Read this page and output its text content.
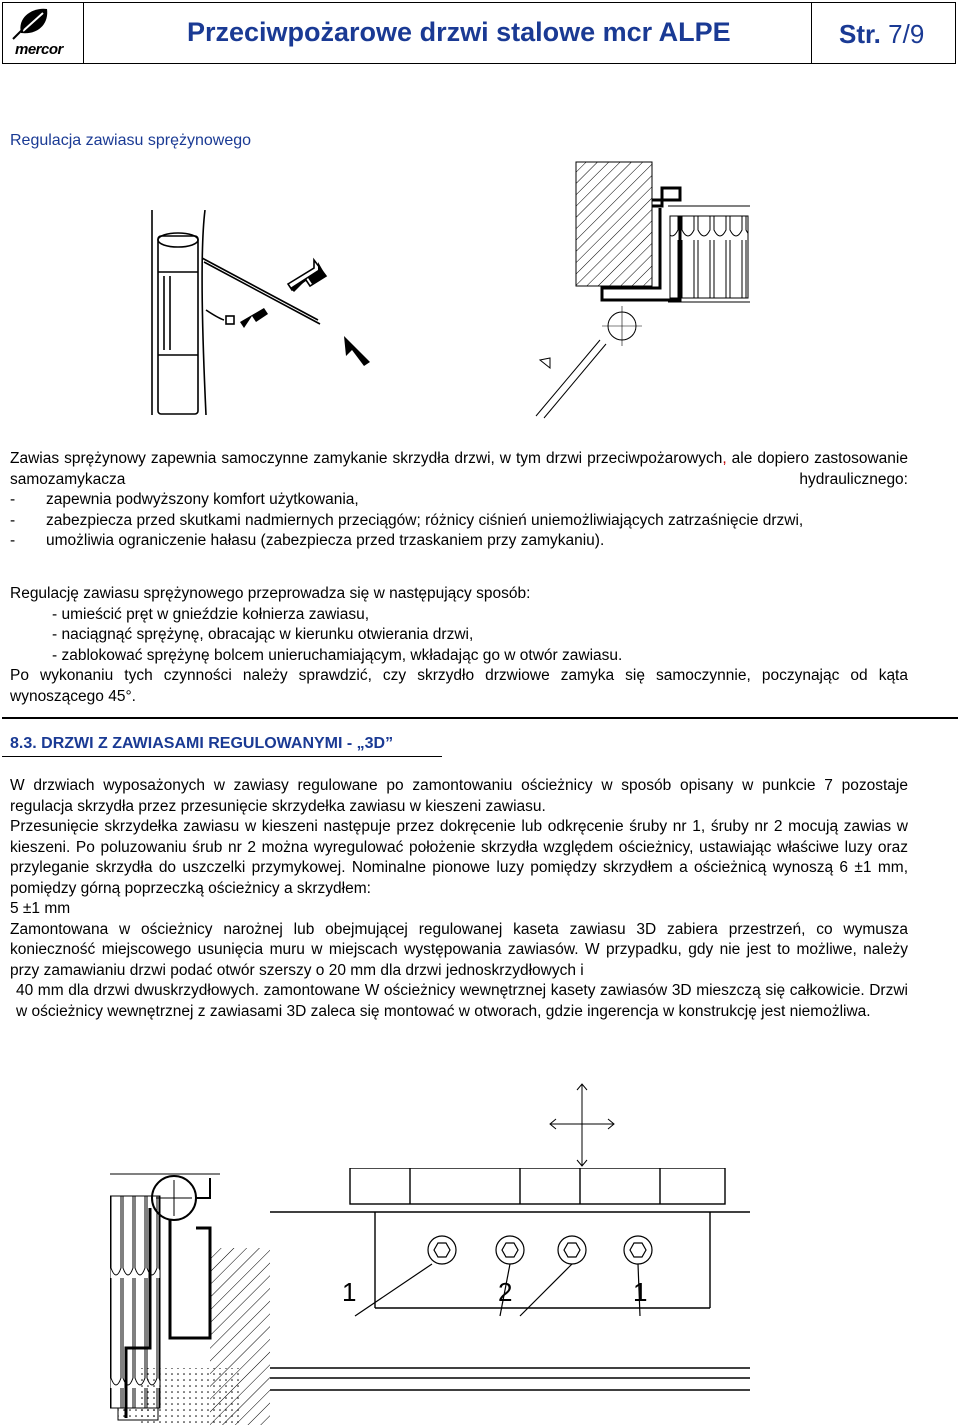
mercor
Przeciwpożarowe drzwi stalowe mcr ALPE	Str. 7/9
Regulacja zawiasu sprężynowego
Zawias sprężynowy zapewnia samoczynne zamykanie skrzydła drzwi, w tym drzwi przeciwpożarowych, ale dopiero zastosowanie samozamykacza hydraulicznego:
- zapewnia podwyższony komfort użytkowania,
- zabezpiecza przed skutkami nadmiernych przeciągów; różnicy ciśnień uniemożliwiających zatrzaśnięcie drzwi,
- umożliwia ograniczenie hałasu (zabezpiecza przed trzaskaniem przy zamykaniu).
Regulację zawiasu sprężynowego przeprowadza się w następujący sposób:
- umieścić pręt w gnieździe kołnierza zawiasu,
- naciągnąć sprężynę, obracając w kierunku otwierania drzwi,
- zablokować sprężynę bolcem unieruchamiającym, wkładając go w otwór zawiasu.
Po wykonaniu tych czynności należy sprawdzić, czy skrzydło drzwiowe zamyka się samoczynnie, poczynając od kąta wynoszącego 45°.
8.3. DRZWI Z ZAWIASAMI REGULOWANYMI - „3D”
W drzwiach wyposażonych w zawiasy regulowane po zamontowaniu ościeżnicy w sposób opisany w punkcie 7 pozostaje regulacja skrzydła przez przesunięcie skrzydełka zawiasu w kieszeni zawiasu.
Przesunięcie skrzydełka zawiasu w kieszeni następuje przez dokręcenie lub odkręcenie śruby nr 1, śruby nr 2 mocują zawias w kieszeni. Po poluzowaniu śrub nr 2 można wyregulować położenie skrzydła względem ościeżnicy, ustawiając właściwe luzy oraz przyleganie skrzydła do uszczelki przymykowej. Nominalne pionowe luzy pomiędzy skrzydłem a ościeżnicą wynoszą 6 ±1 mm, pomiędzy górną poprzeczką ościeżnicy a skrzydłem:
5 ±1 mm
Zamontowana w ościeżnicy narożnej lub obejmującej regulowanej kaseta zawiasu 3D zabiera przestrzeń, co wymusza konieczność miejscowego usunięcia muru w miejscach występowania zawiasów. W przypadku, gdy nie jest to możliwe, należy przy zamawianiu drzwi podać otwór szerszy o 20 mm dla drzwi jednoskrzydłowych i
40 mm dla drzwi dwuskrzydłowych. zamontowane W ościeżnicy wewnętrznej kasety zawiasów 3D mieszczą się całkowicie. Drzwi w ościeżnicy wewnętrznej z zawiasami 3D zaleca się montować w otworach, gdzie ingerencja w konstrukcję jest niemożliwa.
1	2	1
